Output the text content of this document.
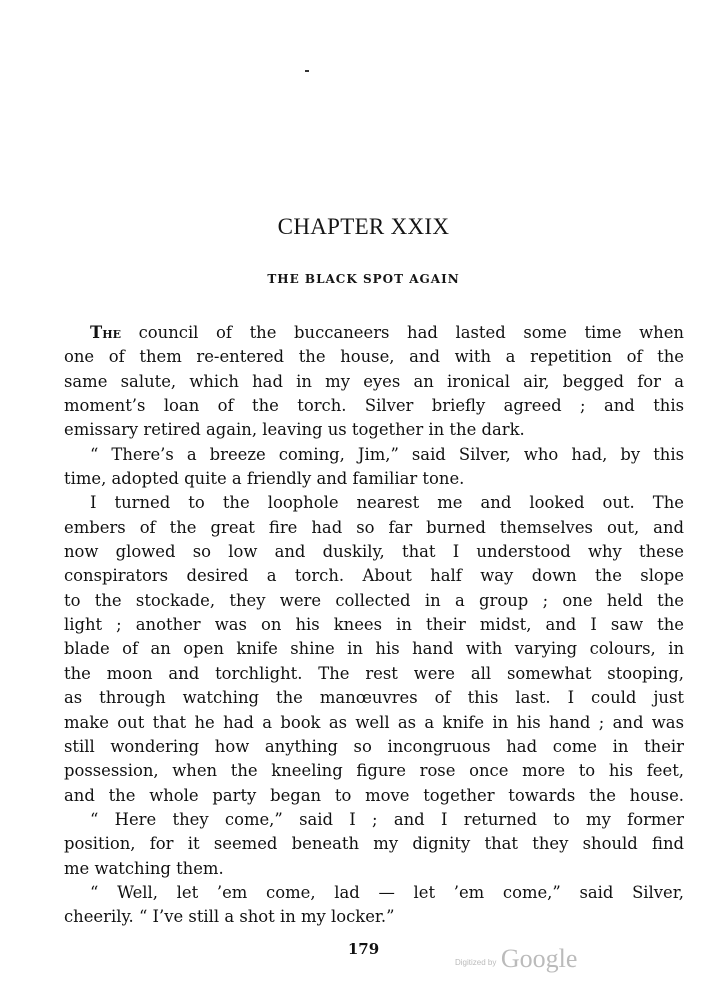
CHAPTER XXIX
THE BLACK SPOT AGAIN
The council of the buccaneers had lasted some time when
one of them re-entered the house, and with a repetition of the
same salute, which had in my eyes an ironical air, begged for a
moment’s loan of the torch. Silver briefly agreed ; and this
emissary retired again, leaving us together in the dark.
“ There’s a breeze coming, Jim,” said Silver, who had, by this
time, adopted quite a friendly and familiar tone.
I turned to the loophole nearest me and looked out. The
embers of the great fire had so far burned themselves out, and
now glowed so low and duskily, that I understood why these
conspirators desired a torch. About half way down the slope
to the stockade, they were collected in a group ; one held the
light ; another was on his knees in their midst, and I saw the
blade of an open knife shine in his hand with varying colours, in
the moon and torchlight. The rest were all somewhat stooping,
as through watching the manœuvres of this last. I could just
make out that he had a book as well as a knife in his hand ; and was
still wondering how anything so incongruous had come in their
possession, when the kneeling figure rose once more to his feet,
and the whole party began to move together towards the house.
“ Here they come,” said I ; and I returned to my former
position, for it seemed beneath my dignity that they should find
me watching them.
“ Well, let ’em come, lad — let ’em come,” said Silver,
cheerily. “ I’ve still a shot in my locker.”
179
Digitized by Google
